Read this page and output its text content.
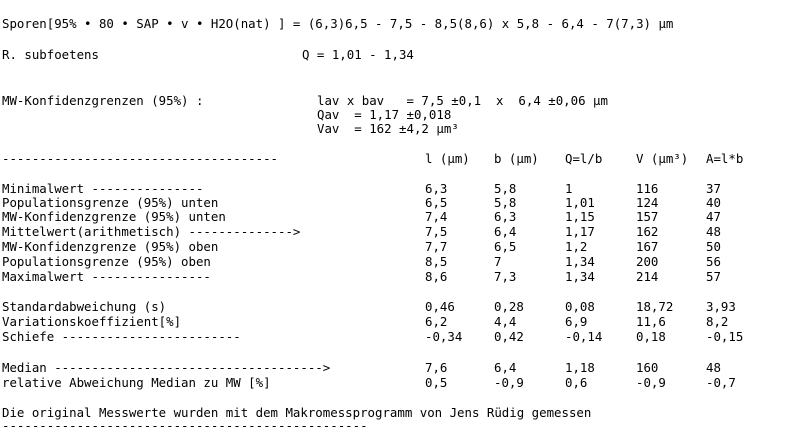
Sporen[95% • 80 • SAP • v • H2O(nat) ] = (6,3)6,5 - 7,5 - 8,5(8,6) x 5,8 - 6,4 - 7(7,3) µm
R. subfoetens	Q = 1,01 - 1,34
MW-Konfidenzgrenzen (95%) :	lav x bav   = 7,5 ±0,1  x  6,4 ±0,06 µm
Qav  = 1,17 ±0,018
Vav  = 162 ±4,2 µm³
-------------------------------------	l (µm) b (µm) Q=l/b	V (µm³) A=l*b
Minimalwert ---------------	6,3	5,8	1	116	37
Populationsgrenze (95%) unten	6,5	5,8	1,01	124	40
MW-Konfidenzgrenze (95%) unten	7,4	6,3	1,15	157	47
Mittelwert(arithmetisch) -------------->	7,5	6,4	1,17	162	48
MW-Konfidenzgrenze (95%) oben	7,7	6,5	1,2	167	50
Populationsgrenze (95%) oben	8,5	7	1,34	200	56
Maximalwert ----------------	8,6	7,3	1,34	214	57
Standardabweichung (s)	0,46	0,28	0,08	18,72	3,93
Variationskoeffizient[%]	6,2	4,4	6,9	11,6	8,2
Schiefe ------------------------	-0,34	0,42	-0,14	0,18	-0,15
Median ------------------------------------>	7,6	6,4	1,18	160	48
relative Abweichung Median zu MW [%]	0,5	-0,9	0,6	-0,9	-0,7
Die original Messwerte wurden mit dem Makromessprogramm von Jens Rüdig gemessen
-------------------------------------------------
